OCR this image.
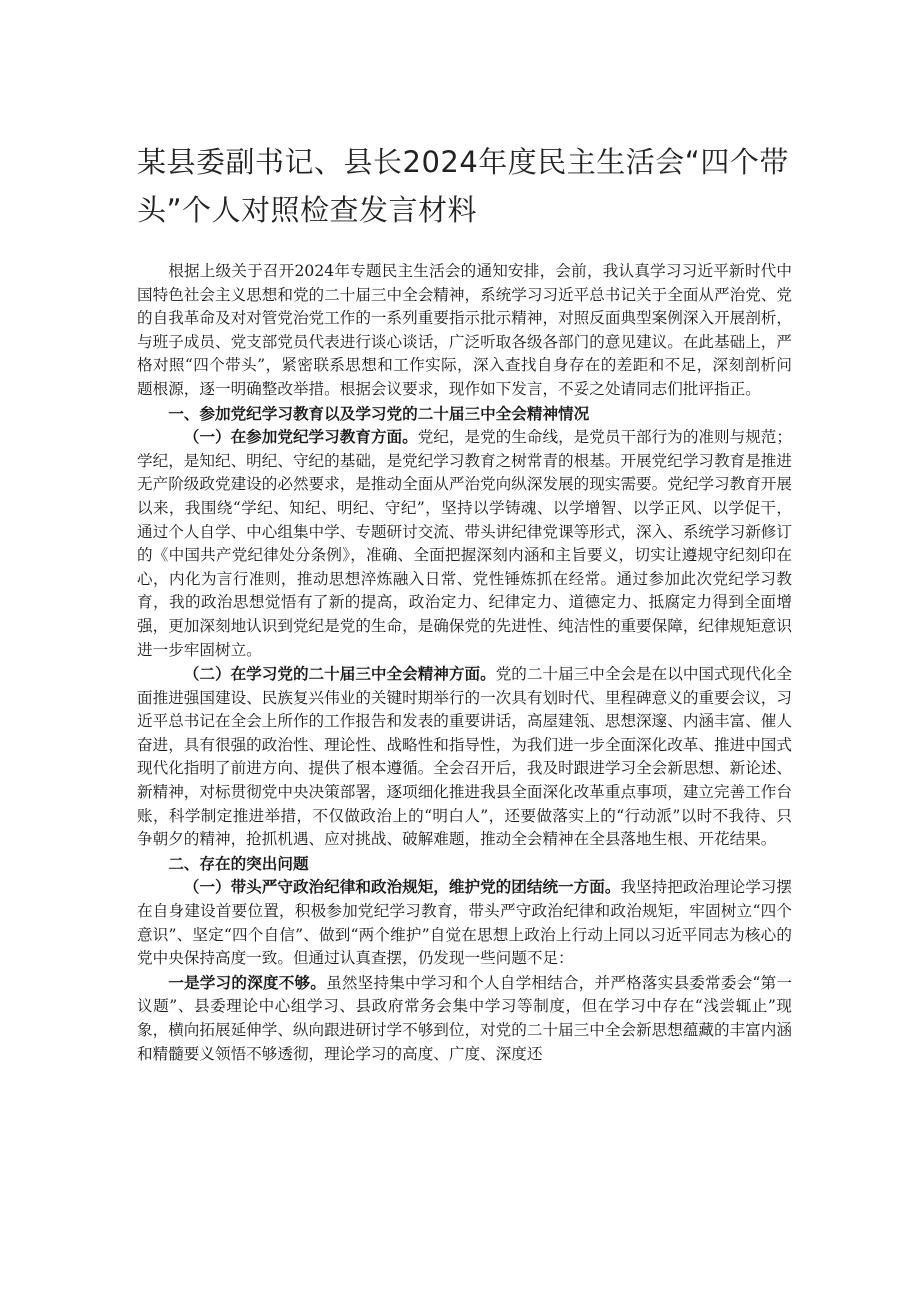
某县委副书记、县长2024年度民主生活会“四个带头”个人对照检查发言材料

根据上级关于召开2024年专题民主生活会的通知安排，会前，我认真学习习近平新时代中国特色社会主义思想和党的二十届三中全会精神，系统学习习近平总书记关于全面从严治党、党的自我革命及对对管党治党工作的一系列重要指示批示精神，对照反面典型案例深入开展剖析，与班子成员、党支部党员代表进行谈心谈话，广泛听取各级各部门的意见建议。在此基础上，严格对照“四个带头”，紧密联系思想和工作实际，深入查找自身存在的差距和不足，深刻剖析问题根源，逐一明确整改举措。根据会议要求，现作如下发言，不妥之处请同志们批评指正。

一、参加党纪学习教育以及学习党的二十届三中全会精神情况

（一）在参加党纪学习教育方面。党纪，是党的生命线，是党员干部行为的准则与规范；学纪，是知纪、明纪、守纪的基础，是党纪学习教育之树常青的根基。开展党纪学习教育是推进无产阶级政党建设的必然要求，是推动全面从严治党向纵深发展的现实需要。党纪学习教育开展以来，我围绕“学纪、知纪、明纪、守纪”，坚持以学铸魂、以学增智、以学正风、以学促干，通过个人自学、中心组集中学、专题研讨交流、带头讲纪律党课等形式，深入、系统学习新修订的《中国共产党纪律处分条例》，准确、全面把握深刻内涵和主旨要义，切实让遵规守纪刻印在心，内化为言行准则，推动思想淬炼融入日常、党性锤炼抓在经常。通过参加此次党纪学习教育，我的政治思想觉悟有了新的提高，政治定力、纪律定力、道德定力、抵腐定力得到全面增强，更加深刻地认识到党纪是党的生命，是确保党的先进性、纯洁性的重要保障，纪律规矩意识进一步牢固树立。

（二）在学习党的二十届三中全会精神方面。党的二十届三中全会是在以中国式现代化全面推进强国建设、民族复兴伟业的关键时期举行的一次具有划时代、里程碑意义的重要会议，习近平总书记在全会上所作的工作报告和发表的重要讲话，高屋建瓴、思想深邃、内涵丰富、催人奋进，具有很强的政治性、理论性、战略性和指导性，为我们进一步全面深化改革、推进中国式现代化指明了前进方向、提供了根本遵循。全会召开后，我及时跟进学习全会新思想、新论述、新精神，对标贯彻党中央决策部署，逐项细化推进我县全面深化改革重点事项，建立完善工作台账，科学制定推进举措，不仅做政治上的“明白人”，还要做落实上的“行动派”以时不我待、只争朝夕的精神，抢抓机遇、应对挑战、破解难题，推动全会精神在全县落地生根、开花结果。

二、存在的突出问题

（一）带头严守政治纪律和政治规矩，维护党的团结统一方面。我坚持把政治理论学习摆在自身建设首要位置，积极参加党纪学习教育，带头严守政治纪律和政治规矩，牢固树立“四个意识”、坚定“四个自信”、做到“两个维护”自觉在思想上政治上行动上同以习近平同志为核心的党中央保持高度一致。但通过认真查摆，仍发现一些问题不足：

一是学习的深度不够。虽然坚持集中学习和个人自学相结合，并严格落实县委常委会“第一议题”、县委理论中心组学习、县政府常务会集中学习等制度，但在学习中存在“浅尝辄止”现象，横向拓展延伸学、纵向跟进研讨学不够到位，对党的二十届三中全会新思想蕴藏的丰富内涵和精髓要义领悟不够透彻，理论学习的高度、广度、深度还
